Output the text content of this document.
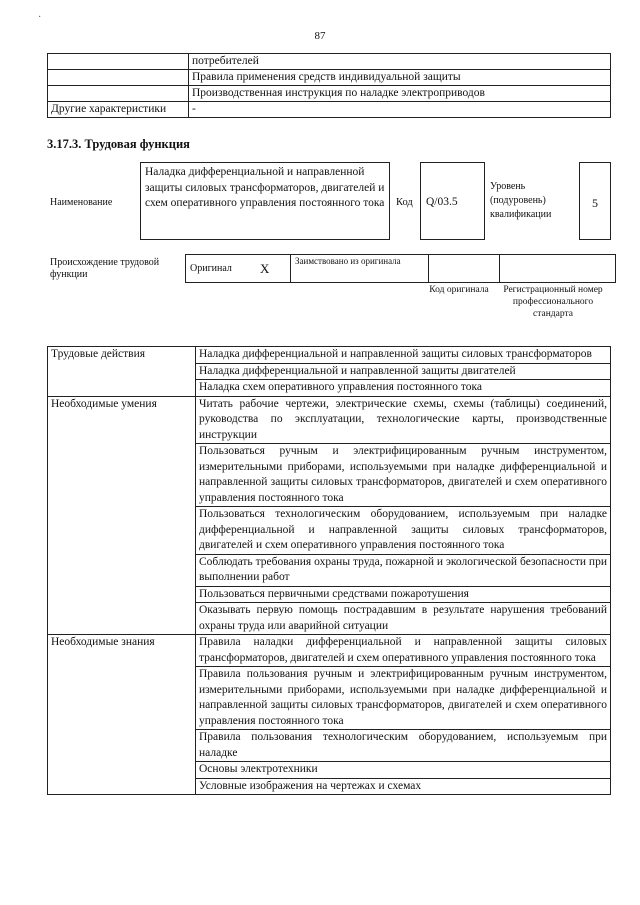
·
87
	потребителей
	Правила применения средств индивидуальной защиты
	Производственная инструкция по наладке электроприводов
Другие характеристики	-
3.17.3. Трудовая функция
Наименование
Наладка дифференциальной и направленной защиты силовых трансформаторов, двигателей и схем оперативного управления постоянного тока	Код	Q/03.5
Уровень (подуровень) квалификации
5
Происхождение трудовой функции
Оригинал	X	Заимствовано из оригинала		
Код оригинала	Регистрационный номер профессионального стандарта
Трудовые действия	Наладка дифференциальной и направленной защиты силовых трансформаторов
	Наладка дифференциальной и направленной защиты двигателей
	Наладка схем оперативного управления постоянного тока
Необходимые умения	Читать рабочие чертежи, электрические схемы, схемы (таблицы) соединений, руководства по эксплуатации, технологические карты, производственные инструкции
	Пользоваться ручным и электрифицированным ручным инструментом, измерительными приборами, используемыми при наладке дифференциальной и направленной защиты силовых трансформаторов, двигателей и схем оперативного управления постоянного тока
	Пользоваться технологическим оборудованием, используемым при наладке дифференциальной и направленной защиты силовых трансформаторов, двигателей и схем оперативного управления постоянного тока
	Соблюдать требования охраны труда, пожарной и экологической безопасности при выполнении работ
	Пользоваться первичными средствами пожаротушения
	Оказывать первую помощь пострадавшим в результате нарушения требований охраны труда или аварийной ситуации
Необходимые знания	Правила наладки дифференциальной и направленной защиты силовых трансформаторов, двигателей и схем оперативного управления постоянного тока
	Правила пользования ручным и электрифицированным ручным инструментом, измерительными приборами, используемыми при наладке дифференциальной и направленной защиты силовых трансформаторов, двигателей и схем оперативного управления постоянного тока
	Правила пользования технологическим оборудованием, используемым при наладке
	Основы электротехники
	Условные изображения на чертежах и схемах
